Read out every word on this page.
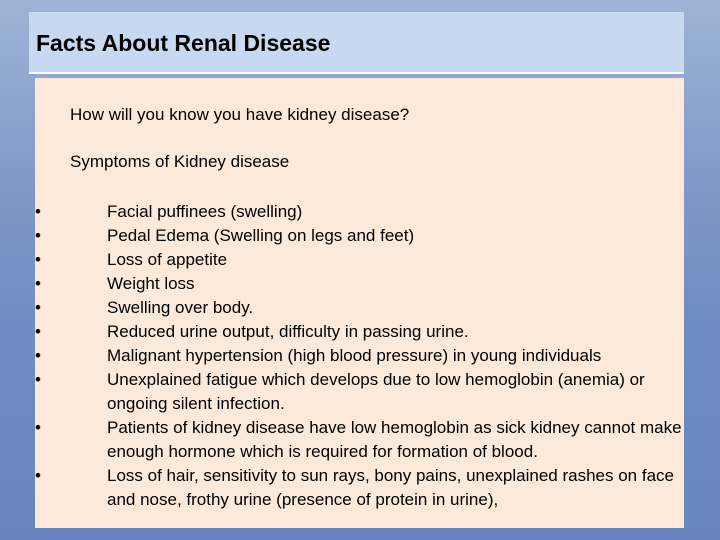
Facts About Renal Disease
How will you know you have kidney disease?
Symptoms of Kidney disease
•	Facial puffinees (swelling)
•	Pedal Edema (Swelling on legs and feet)
•	Loss of appetite
•	Weight loss
•	Swelling over body.
•	Reduced urine output, difficulty in passing urine.
•	Malignant hypertension (high blood pressure) in young individuals
•	Unexplained fatigue which develops due to low hemoglobin (anemia) or ongoing silent infection.
•	Patients of kidney disease have low hemoglobin as sick kidney cannot make enough hormone which is required for formation of blood.
•	Loss of hair, sensitivity to sun rays, bony pains, unexplained rashes on face and nose, frothy urine (presence of protein in urine),
